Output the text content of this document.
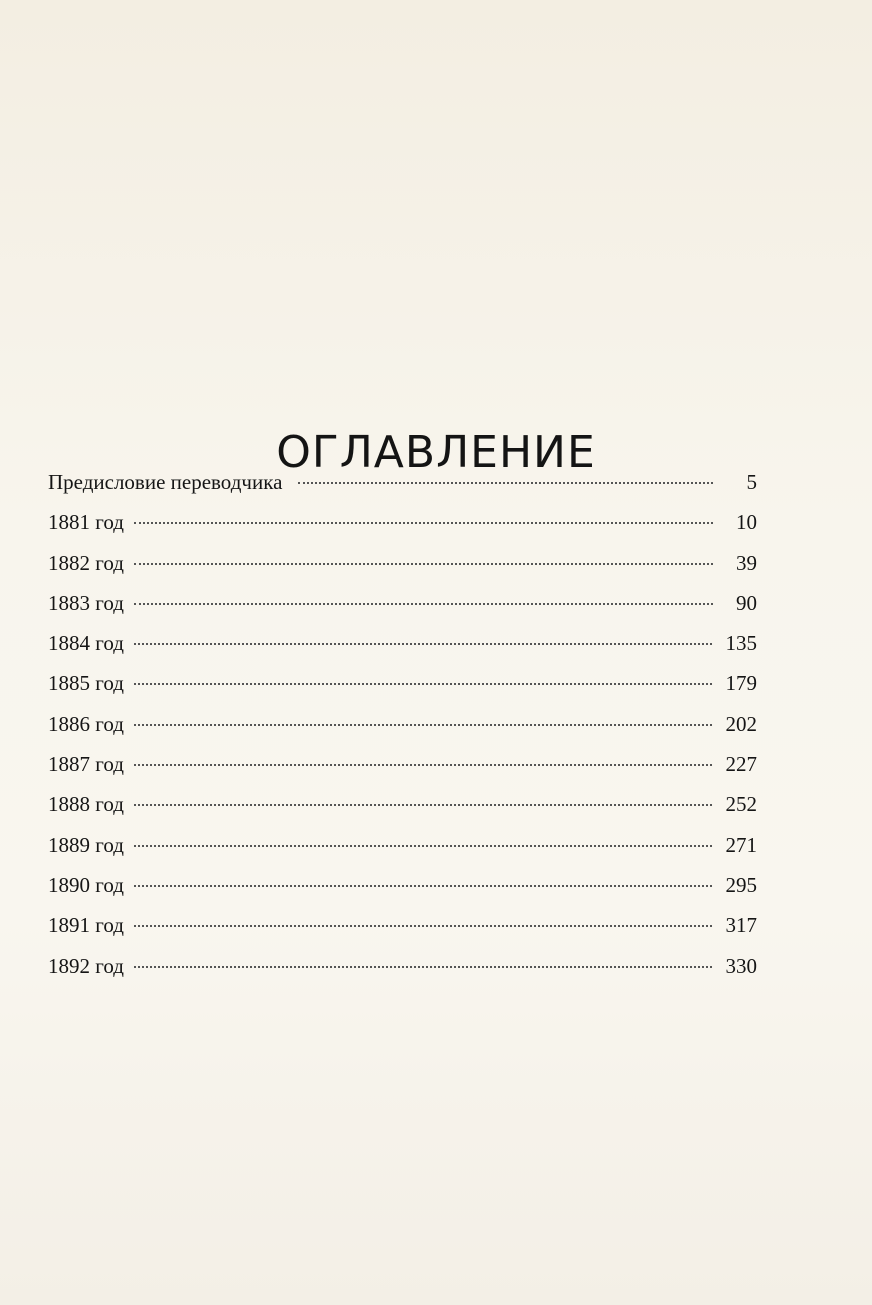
ОГЛАВЛЕНИЕ
Предисловие переводчика	5
1881 год	10
1882 год	39
1883 год	90
1884 год	135
1885 год	179
1886 год	202
1887 год	227
1888 год	252
1889 год	271
1890 год	295
1891 год	317
1892 год	330
